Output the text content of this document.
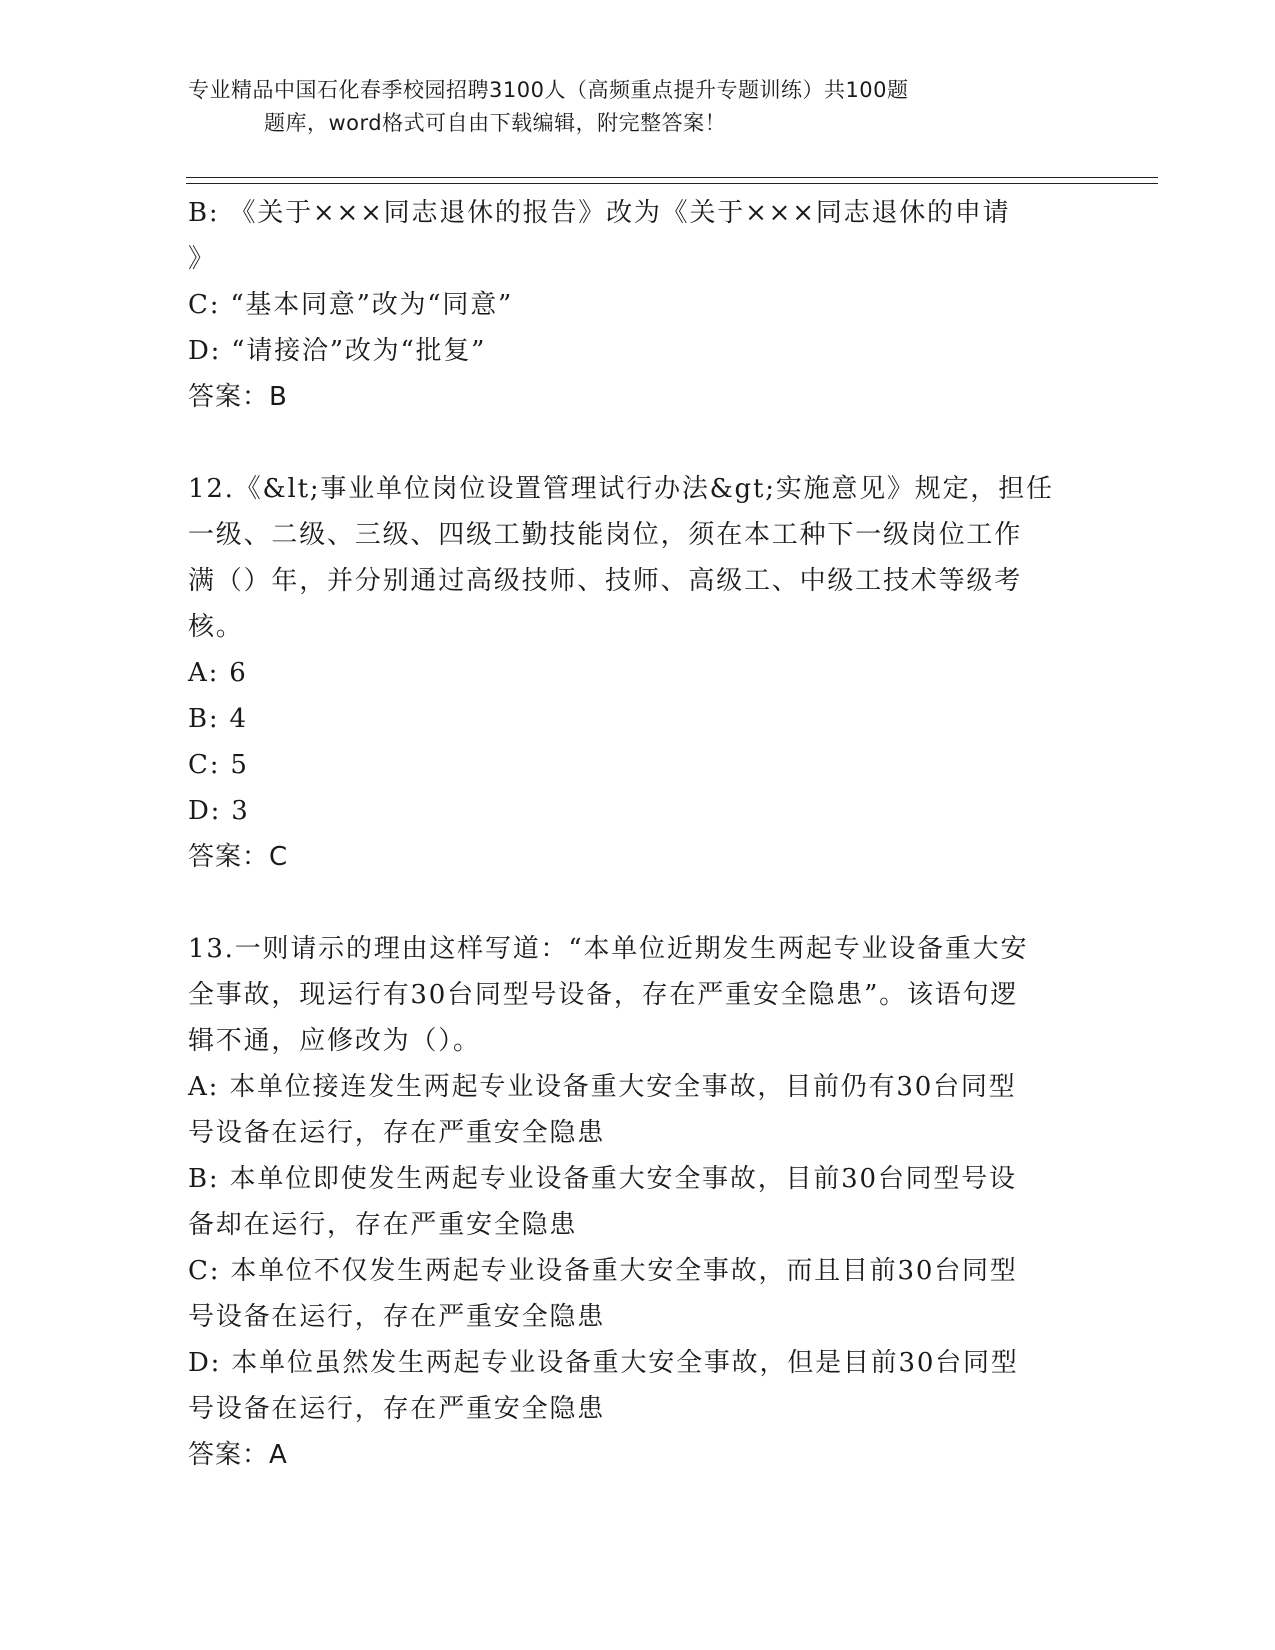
专业精品中国石化春季校园招聘3100人（高频重点提升专题训练）共100题
题库，word格式可自由下载编辑，附完整答案！

B: 《关于×××同志退休的报告》改为《关于×××同志退休的申请

》

C: “基本同意”改为“同意”

D: “请接洽”改为“批复”

答案：B

12.《&lt;事业单位岗位设置管理试行办法&gt;实施意见》规定，担任

一级、二级、三级、四级工勤技能岗位，须在本工种下一级岗位工作

满（）年，并分别通过高级技师、技师、高级工、中级工技术等级考

核。

A: 6

B: 4

C: 5

D: 3

答案：C

13.一则请示的理由这样写道：“本单位近期发生两起专业设备重大安

全事故，现运行有30台同型号设备，存在严重安全隐患”。该语句逻

辑不通，应修改为（）。

A: 本单位接连发生两起专业设备重大安全事故，目前仍有30台同型

号设备在运行，存在严重安全隐患

B: 本单位即使发生两起专业设备重大安全事故，目前30台同型号设

备却在运行，存在严重安全隐患

C: 本单位不仅发生两起专业设备重大安全事故，而且目前30台同型

号设备在运行，存在严重安全隐患

D: 本单位虽然发生两起专业设备重大安全事故，但是目前30台同型

号设备在运行，存在严重安全隐患

答案：A
